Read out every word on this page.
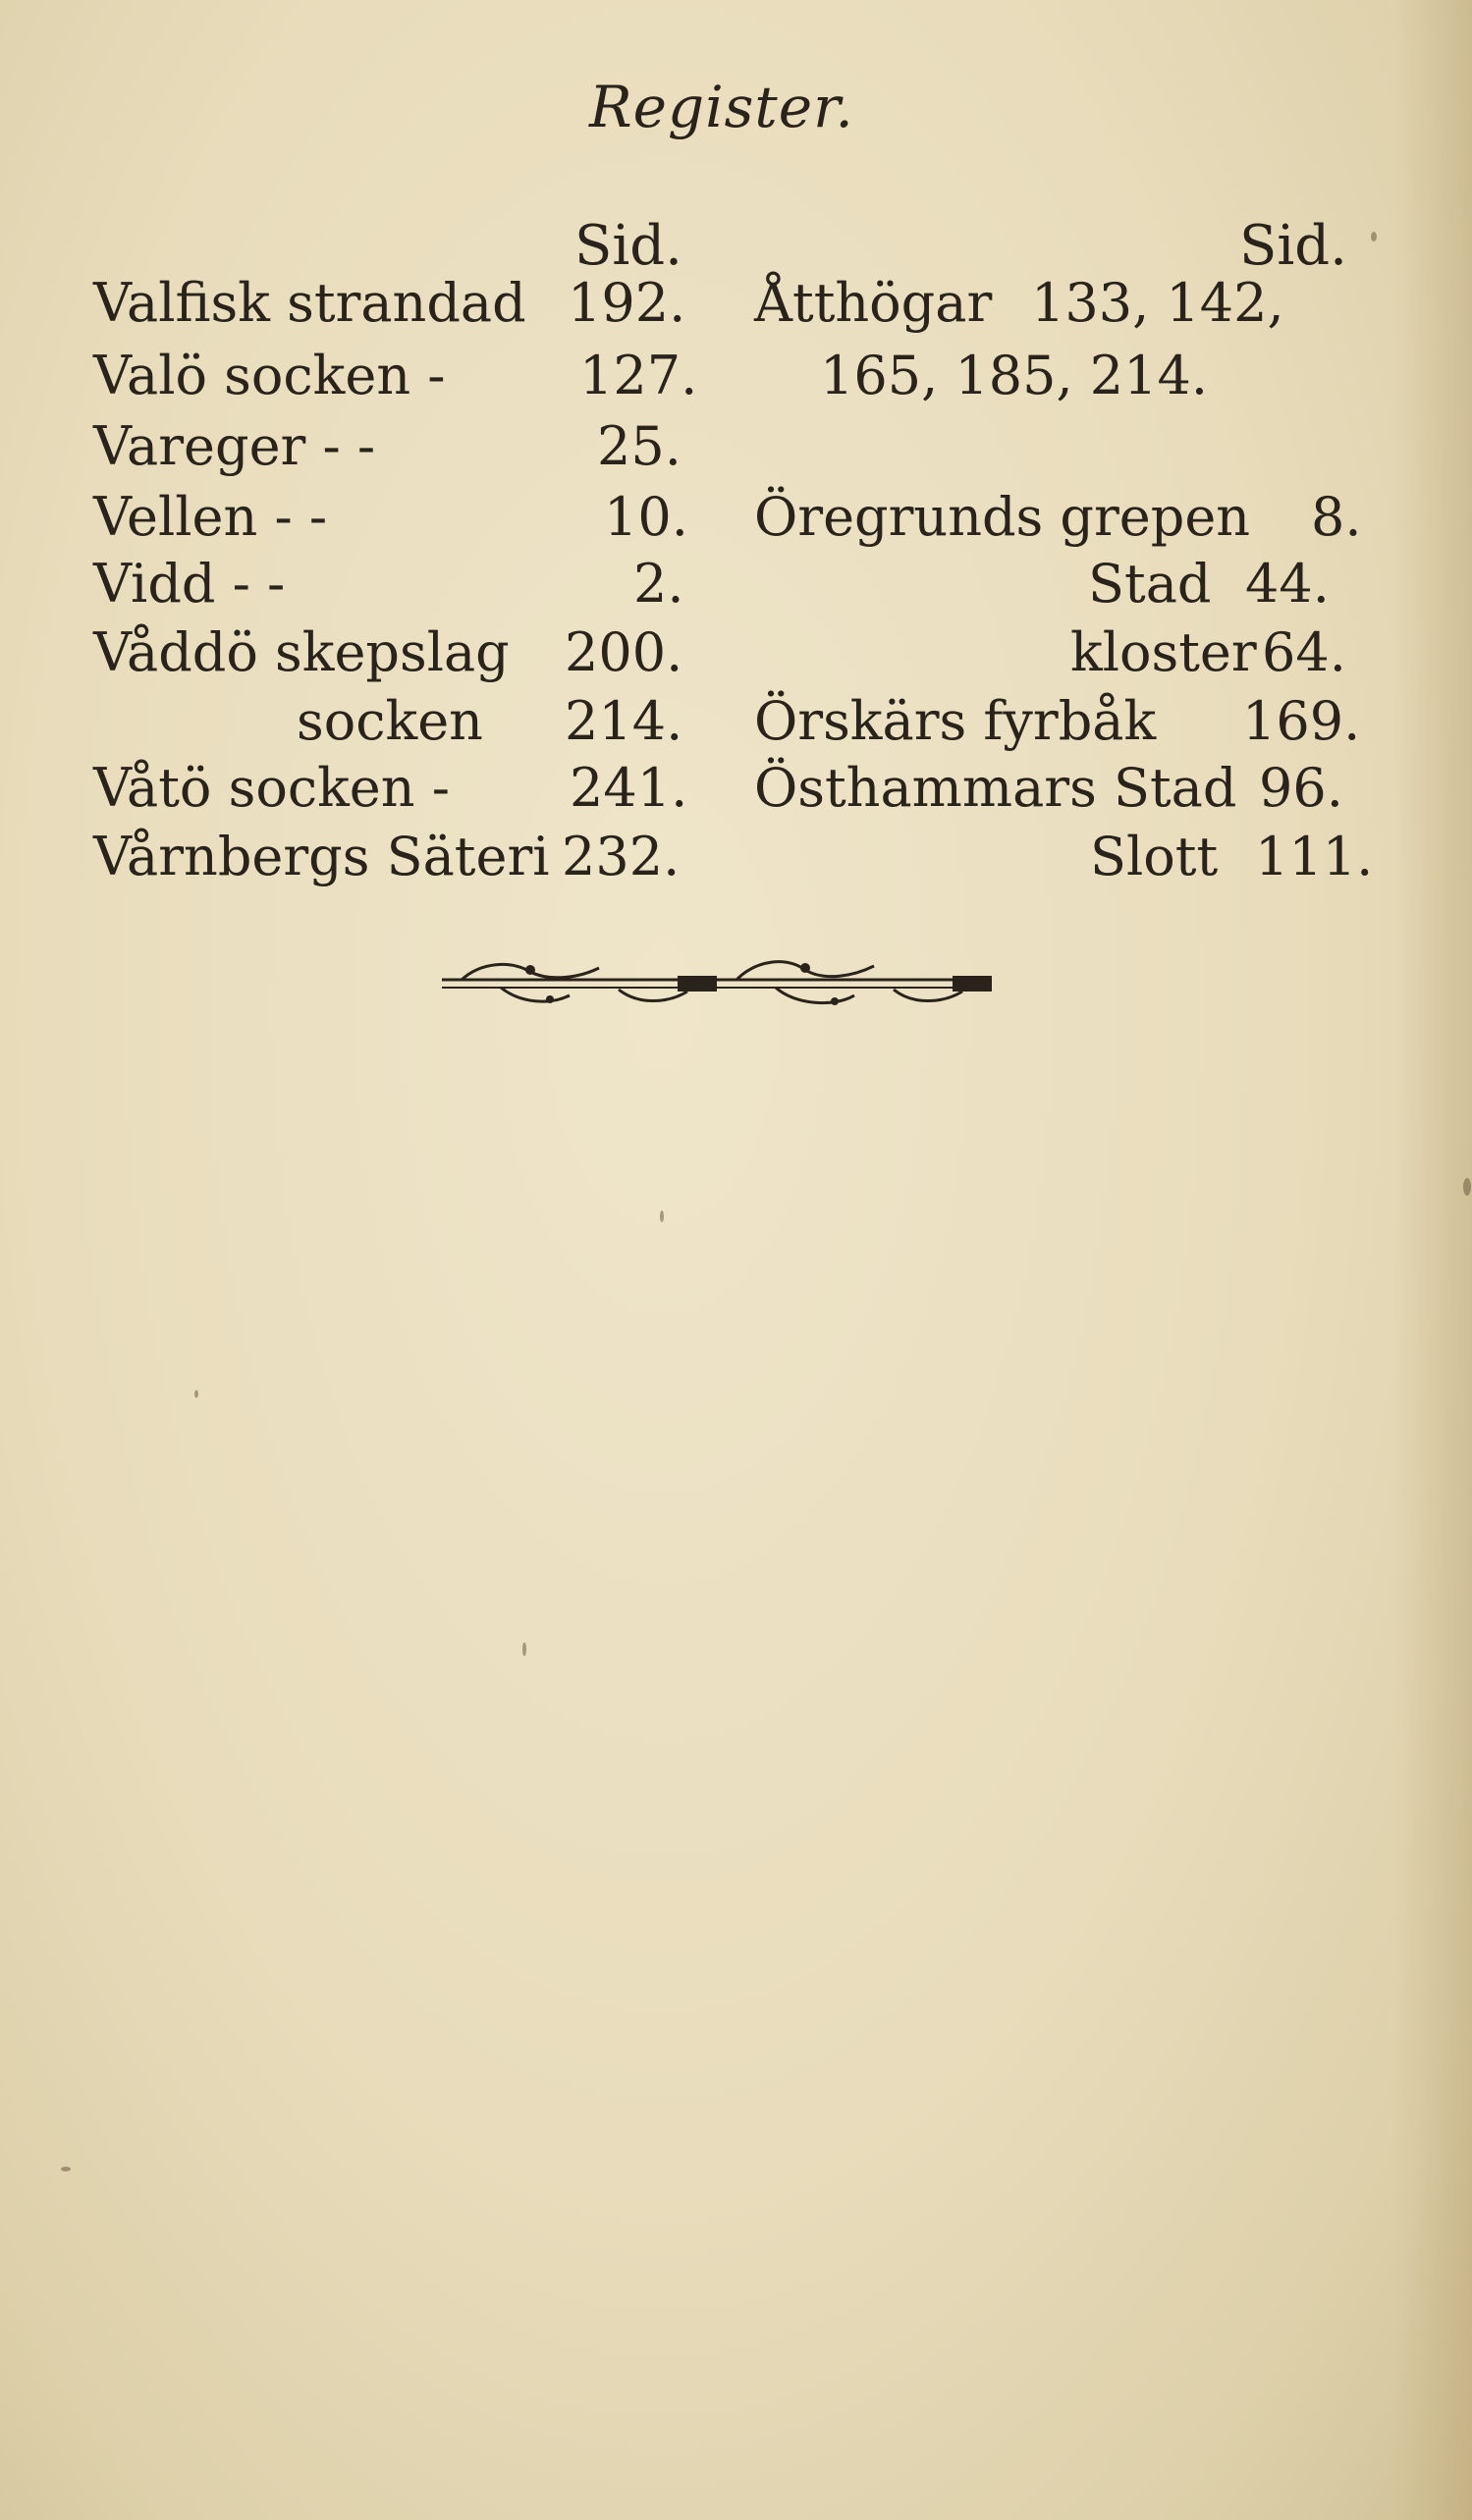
Register.
Sid.
Valfisk strandad 192.
Valö socken -	127.
Vareger - -	25.
Vellen - -	10.
Vidd - -	2.
Våddö skepslag 200.
socken 214.
Våtö socken - 241.
Vårnbergs Säteri 232.
Sid.
Åtthögar 133, 142,
165, 185, 214.
Öregrunds grepen 8.
Stad 44.
kloster 64.
Örskärs fyrbåk 169.
Östhammars Stad 96.
Slott 111.
